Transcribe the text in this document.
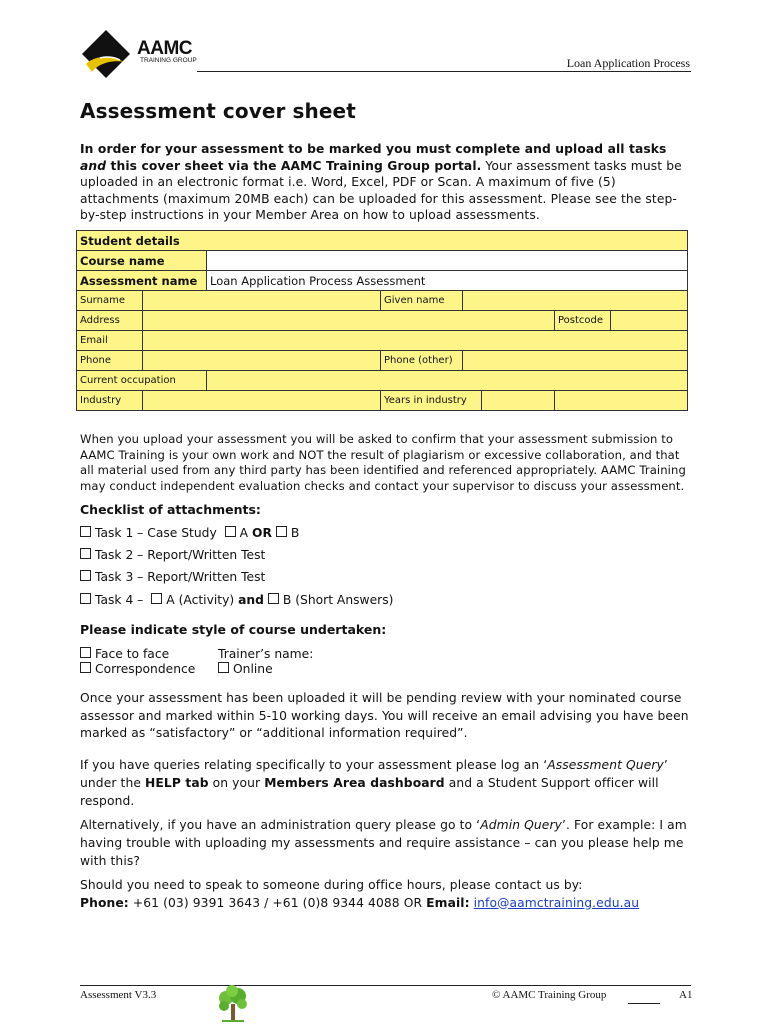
AAMC
TRAINING GROUP	Loan Application Process
Assessment cover sheet
In order for your assessment to be marked you must complete and upload all tasks and this cover sheet via the AAMC Training Group portal. Your assessment tasks must be uploaded in an electronic format i.e. Word, Excel, PDF or Scan. A maximum of five (5) attachments (maximum 20MB each) can be uploaded for this assessment. Please see the step-by-step instructions in your Member Area on how to upload assessments.
Student details					
Course name					
Assessment name		Loan Application Process Assessment			
Surname			Given name		
Address					Postcode

Email					
Phone			Phone (other)		
Current occupation					
Industry			Years in industry		

When you upload your assessment you will be asked to confirm that your assessment submission to AAMC Training is your own work and NOT the result of plagiarism or excessive collaboration, and that all material used from any third party has been identified and referenced appropriately. AAMC Training may conduct independent evaluation checks and contact your supervisor to discuss your assessment.
Checklist of attachments:
Task 1 – Case Study A OR B
Task 2 – Report/Written Test
Task 3 – Report/Written Test
Task 4 – A (Activity) and B (Short Answers)
Please indicate style of course undertaken:
Face to face
Correspondence
Trainer’s name:
Online
Once your assessment has been uploaded it will be pending review with your nominated course assessor and marked within 5-10 working days. You will receive an email advising you have been marked as “satisfactory” or “additional information required”.
If you have queries relating specifically to your assessment please log an ‘Assessment Query’ under the HELP tab on your Members Area dashboard and a Student Support officer will respond.
Alternatively, if you have an administration query please go to ‘Admin Query’. For example: I am having trouble with uploading my assessments and require assistance – can you please help me with this?
Should you need to speak to someone during office hours, please contact us by:
Phone: +61 (03) 9391 3643 / +61 (0)8 9344 4088 OR Email: info@aamctraining.edu.au
Assessment V3.3	© AAMC Training Group	A1
